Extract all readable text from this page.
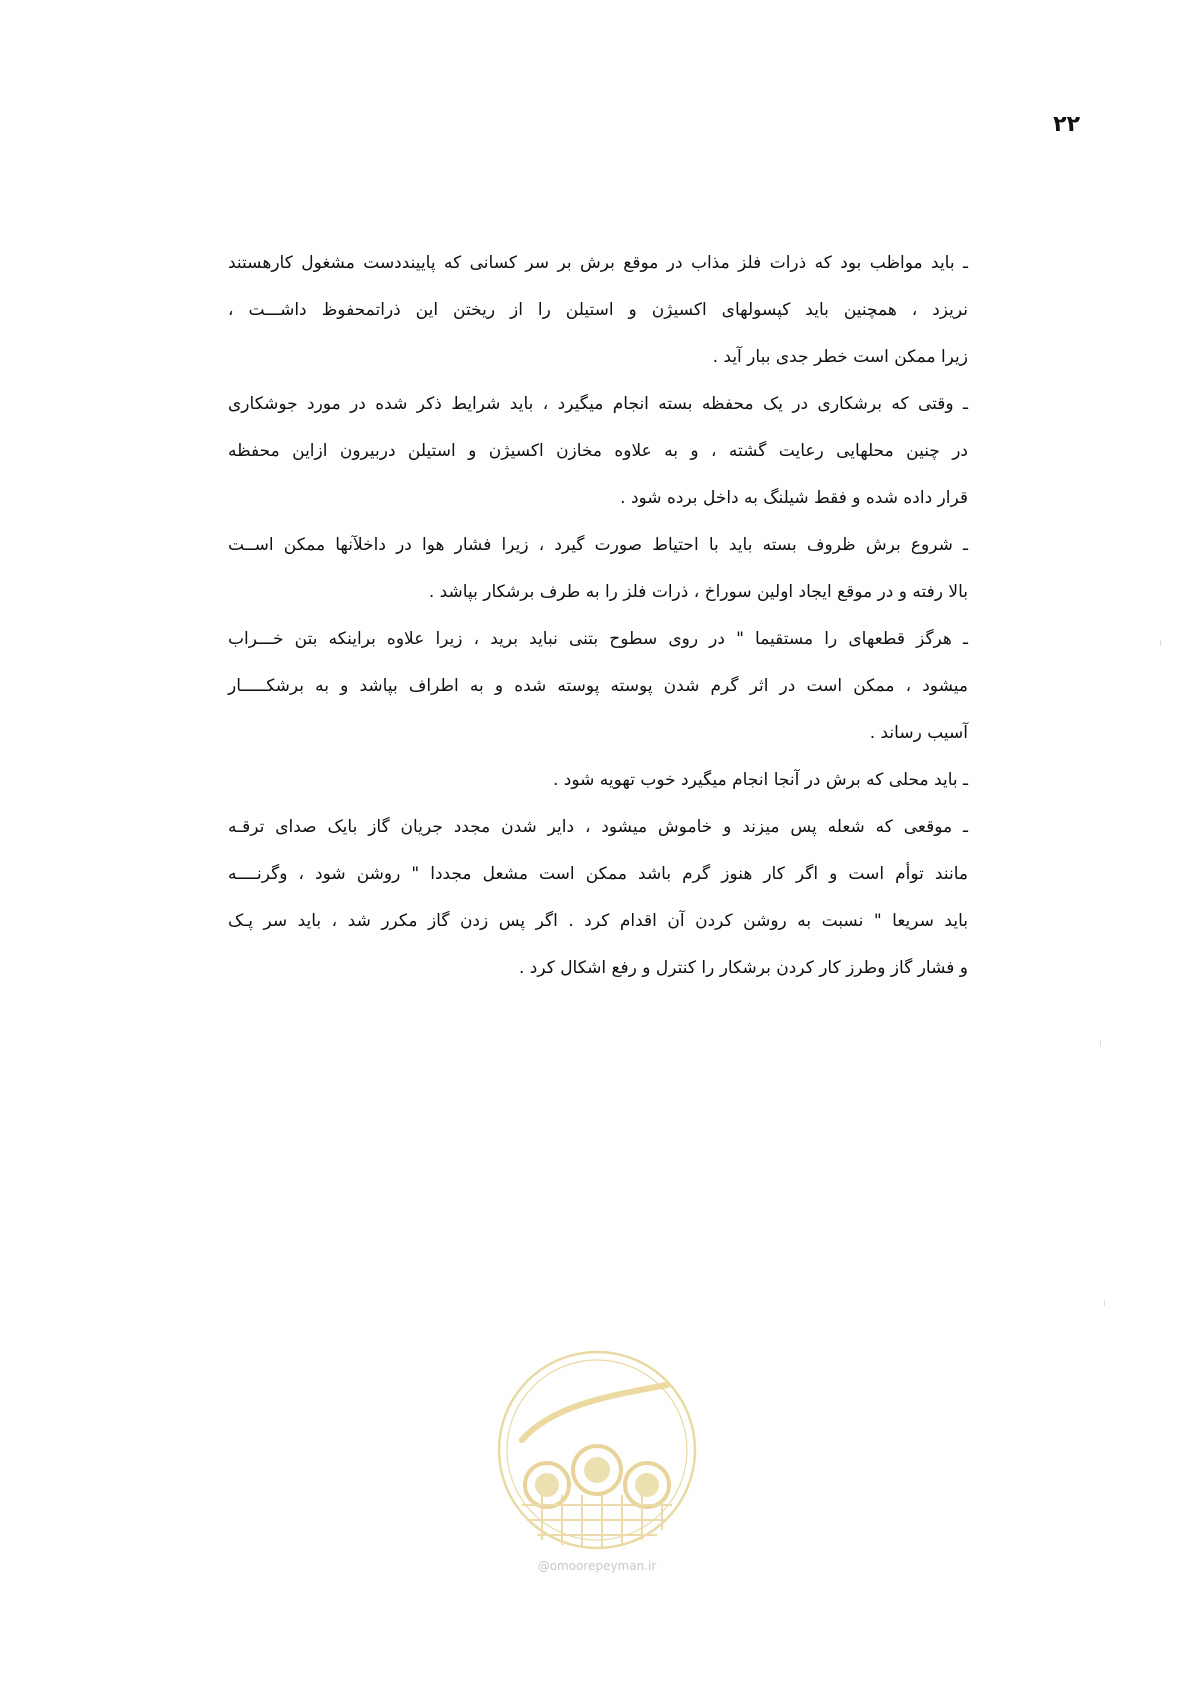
۲۲
ـ باید مواظب بود که ذرات فلز مذاب در موقع برش بر سر کسانی که پایینددست مشغول کارهستند
نریزد ، همچنین باید کپسولهای اکسیژن و استیلن را از ریختن این ذراتمحفوظ داشـــت ،
زیرا ممکن است خطر جدی ببار آید .
ـ وقتی که برشکاری در یک محفظه بسته انجام میگیرد ، باید شرایط ذکر شده در مورد جوشکاری
در چنین محلهایی رعایت گشته ، و به علاوه مخازن اکسیژن و استیلن دربیرون ازاین محفظه
قرار داده شده و فقط شیلنگ به داخل برده شود .
ـ شروع برش ظروف بسته باید با احتیاط صورت گیرد ، زیرا فشار هوا در داخلآنها ممکن اســت
بالا رفته و در موقع ایجاد اولین سوراخ ، ذرات فلز را به طرف برشکار بپاشد .
ـ هرگز قطعهای را مستقیما " در روی سطوح بتنی نباید برید ، زیرا علاوه براینکه بتن خـــراب
میشود ، ممکن است در اثر گرم شدن پوسته پوسته شده و به اطراف بپاشد و به برشکـــــار
آسیب رساند .
ـ باید محلی که برش در آنجا انجام میگیرد خوب تهویه شود .
ـ موقعی که شعله پس میزند و خاموش میشود ، دایر شدن مجدد جریان گاز بایک صدای ترقـه
مانند توأم است و اگر کار هنوز گرم باشد ممکن است مشعل مجددا " روشن شود ، وگرنــــه
باید سریعا " نسبت به روشن کردن آن اقدام کرد . اگر پس زدن گاز مکرر شد ، باید سر پـک
و فشار گاز وطرز کار کردن برشکار را کنترل و رفع اشکال کرد .
@omoorepeyman.ir
